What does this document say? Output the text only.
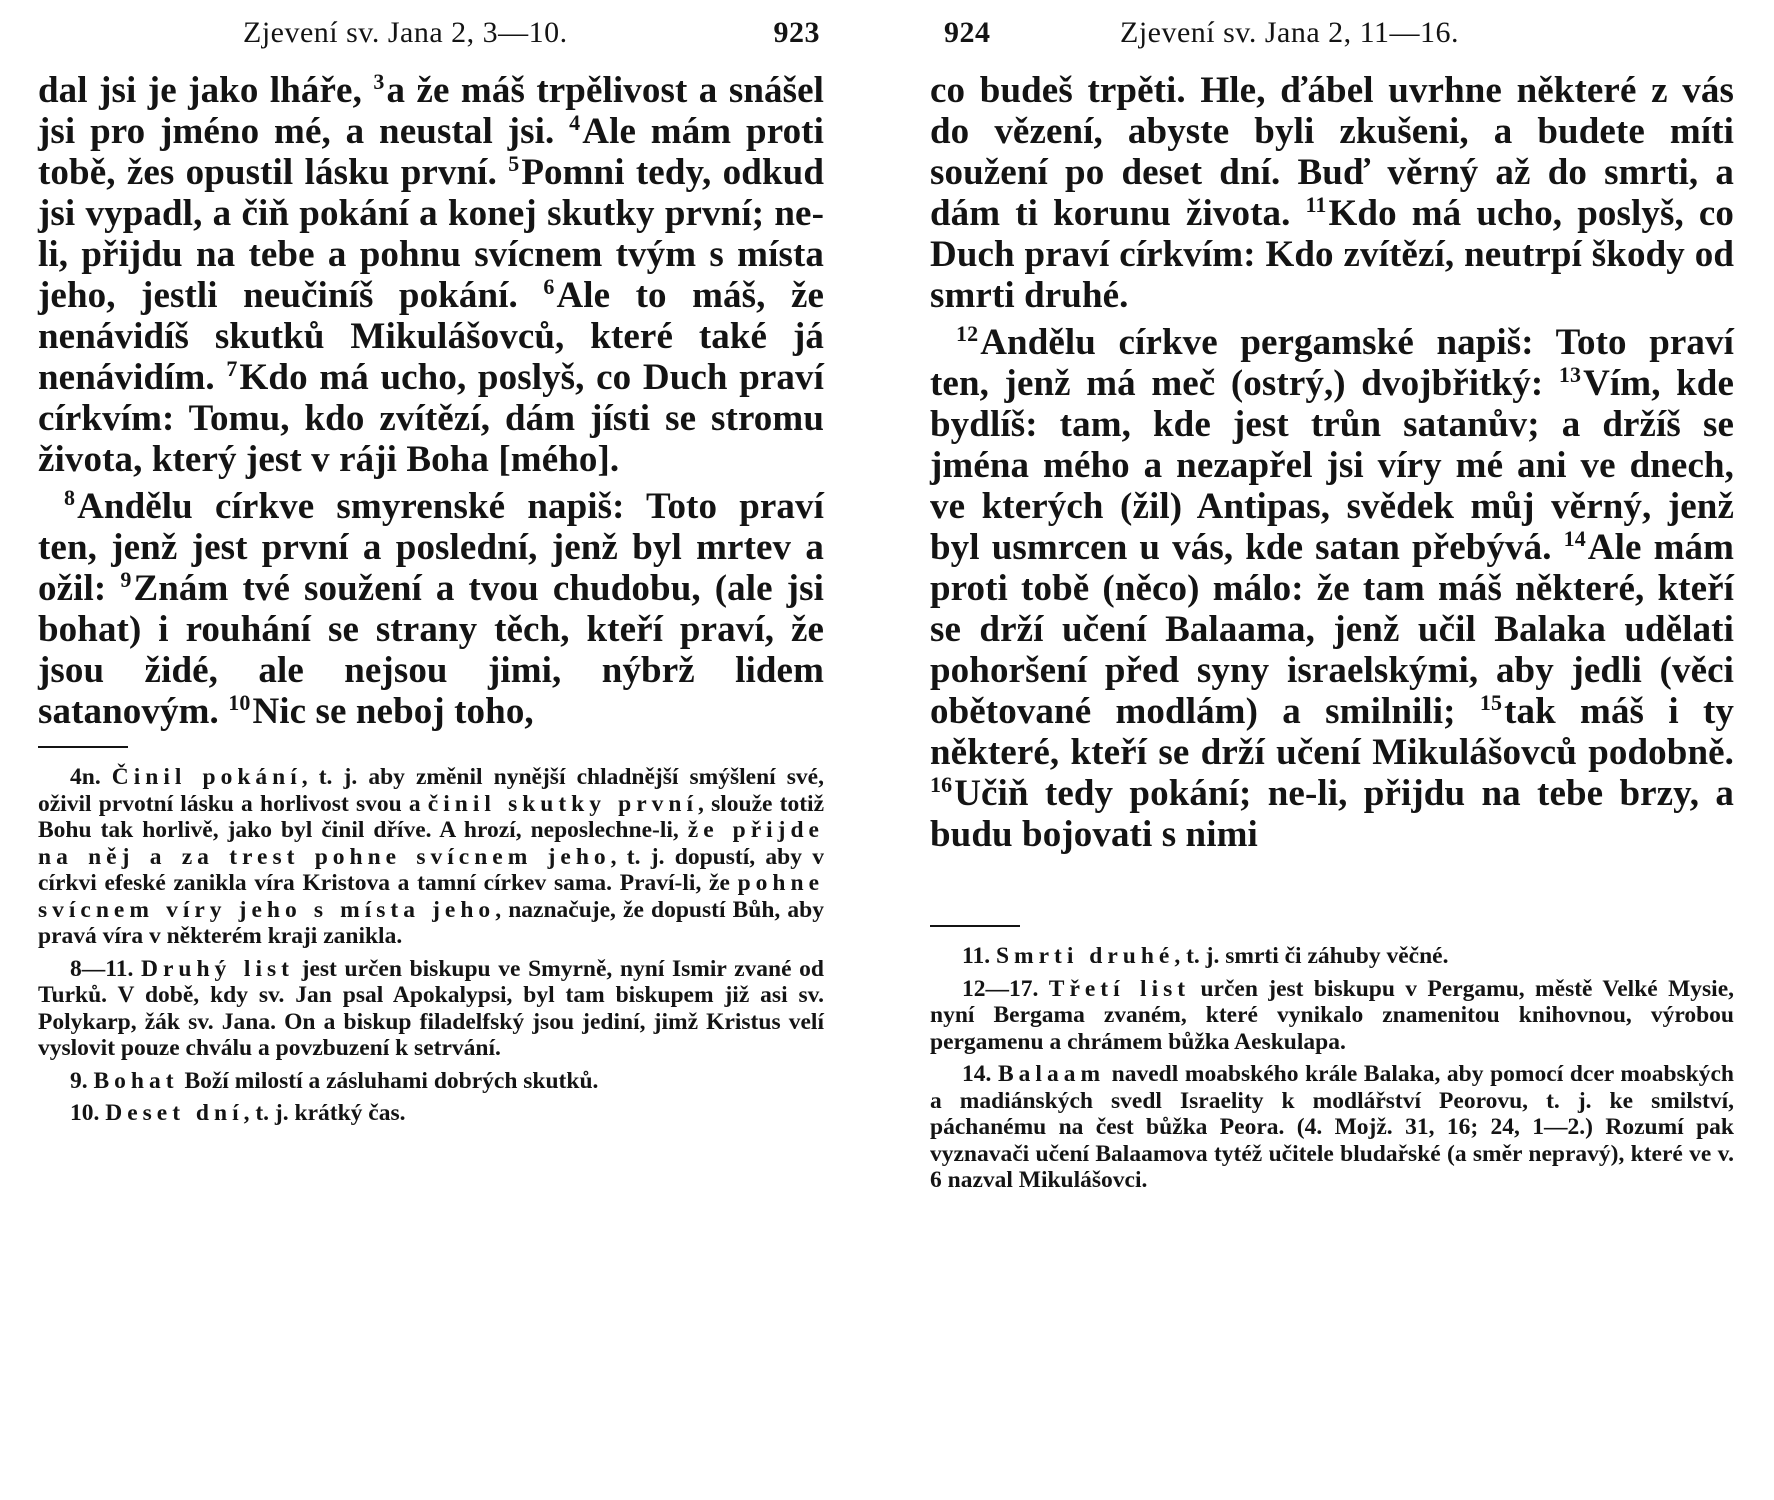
Zjevení sv. Jana 2, 3—10.	923

dal jsi je jako lháře, $^3$a že máš trpělivost a snášel jsi pro jméno mé, a neustal jsi. $^4$Ale mám proti tobě, žes opustil lásku první. $^5$Pomni tedy, odkud jsi vypadl, a čiň pokání a konej skutky první; ne-li, přijdu na tebe a pohnu svícnem tvým s místa jeho, jestli neučiníš pokání. $^6$Ale to máš, že nenávidíš skutků Mikulášovců, které také já nenávidím. $^7$Kdo má ucho, poslyš, co Duch praví církvím: Tomu, kdo zvítězí, dám jísti se stromu života, který jest v ráji Boha [mého].

$^8$Andělu církve smyrenské napiš: Toto praví ten, jenž jest první a poslední, jenž byl mrtev a ožil: $^9$Znám tvé soužení a tvou chudobu, (ale jsi bohat) i rouhání se strany těch, kteří praví, že jsou židé, ale nejsou jimi, nýbrž lidem satanovým. $^{10}$Nic se neboj toho,

4n. Činil pokání, t. j. aby změnil nynější chladnější smýšlení své, oživil prvotní lásku a horlivost svou a činil skutky první, slouže totiž Bohu tak horlivě, jako byl činil dříve. A hrozí, neposlechne-li, že přijde na něj a za trest pohne svícnem jeho, t. j. dopustí, aby v církvi efeské zanikla víra Kristova a tamní církev sama. Praví-li, že pohne svícnem víry jeho s místa jeho, naznačuje, že dopustí Bůh, aby pravá víra v některém kraji zanikla.

8—11. Druhý list jest určen biskupu ve Smyrně, nyní Ismir zvané od Turků. V době, kdy sv. Jan psal Apokalypsi, byl tam biskupem již asi sv. Polykarp, žák sv. Jana. On a biskup filadelfský jsou jediní, jimž Kristus velí vyslovit pouze chválu a povzbuzení k setrvání.

9. Bohat Boží milostí a zásluhami dobrých skutků.

10. Deset dní, t. j. krátký čas.

924	Zjevení sv. Jana 2, 11—16.

co budeš trpěti. Hle, ďábel uvrhne některé z vás do vězení, abyste byli zkušeni, a budete míti soužení po deset dní. Buď věrný až do smrti, a dám ti korunu života. $^{11}$Kdo má ucho, poslyš, co Duch praví církvím: Kdo zvítězí, neutrpí škody od smrti druhé.

$^{12}$Andělu církve pergamské napiš: Toto praví ten, jenž má meč (ostrý,) dvojbřitký: $^{13}$Vím, kde bydlíš: tam, kde jest trůn satanův; a držíš se jména mého a nezapřel jsi víry mé ani ve dnech, ve kterých (žil) Antipas, svědek můj věrný, jenž byl usmrcen u vás, kde satan přebývá. $^{14}$Ale mám proti tobě (něco) málo: že tam máš některé, kteří se drží učení Balaama, jenž učil Balaka udělati pohoršení před syny israelskými, aby jedli (věci obětované modlám) a smilnili; $^{15}$tak máš i ty některé, kteří se drží učení Mikulášovců podobně. $^{16}$Učiň tedy pokání; ne-li, přijdu na tebe brzy, a budu bojovati s nimi

11. Smrti druhé, t. j. smrti či záhuby věčné.

12—17. Třetí list určen jest biskupu v Pergamu, městě Velké Mysie, nyní Bergama zvaném, které vynikalo znamenitou knihovnou, výrobou pergamenu a chrámem bůžka Aeskulapa.

14. Balaam navedl moabského krále Balaka, aby pomocí dcer moabských a madiánských svedl Israelity k modlářství Peorovu, t. j. ke smilství, páchanému na čest bůžka Peora. (4. Mojž. 31, 16; 24, 1—2.) Rozumí pak vyznavači učení Balaamova tytéž učitele bludařské (a směr nepravý), které ve v. 6 nazval Mikulášovci.
